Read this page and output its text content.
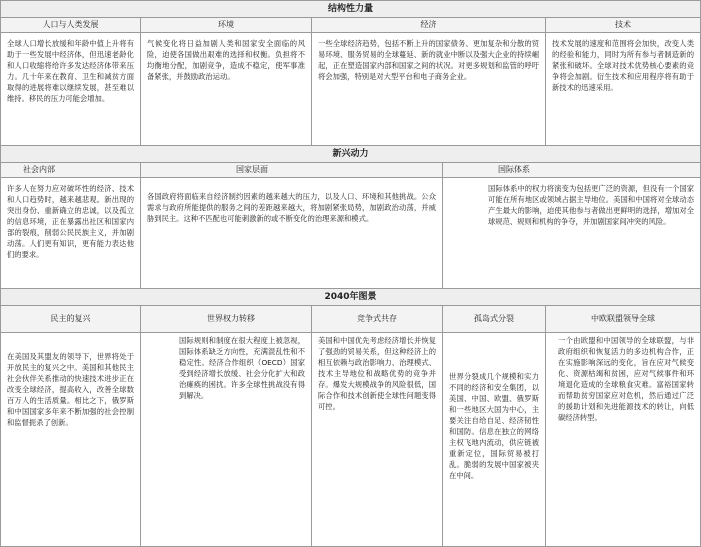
结构性力量				
人口与人类发展	环境	经济		技术
全球人口增长放缓和年龄中值上升将有助于一些发展中经济体，但迅速老龄化和人口收缩将给许多发达经济体带来压力。几十年来在教育、卫生和减贫方面取得的进展将难以继续发展，甚至难以维持。移民的压力可能会增加。	气候变化将日益加剧人类和国家安全面临的风险，迫使各国做出艰难的选择和权衡。负担将不均衡地分配，加剧竞争，造成不稳定，使军事准备紧张，并鼓励政治运动。	一些全球经济趋势，包括不断上升的国家债务、更加复杂和分散的贸易环境、服务贸易的全球蔓延、新的就业中断以及强大企业的持续崛起，正在塑造国家内部和国家之间的状况。对更多规划和监管的呼吁将会加强，特别是对大型平台和电子商务企业。		技术发展的速度和范围将会加快，改变人类的经验和能力，同时为所有参与者制造新的紧张和破坏。全球对技术优势核心要素的竞争将会加剧。衍生技术和应用程序将有助于新技术的迅速采用。
新兴动力				
社会内部	国家层面		国际体系	
许多人在努力应对破坏性的经济、技术和人口趋势时，越来越悲观。新出现的突出身份、重新确立的忠诚，以及孤立的信息环境，正在暴露出社区和国家内部的裂痕，削弱公民民族主义，并加剧动荡。人们更有知识，更有能力表达他们的要求。	各国政府将面临来自经济制约因素的越来越大的压力，以及人口、环境和其他挑战。公众需求与政府所能提供的服务之间的差距越来越大，将加剧紧张局势，加剧政治动荡，并威胁到民主。这种不匹配也可能刺激新的或不断变化的治理来源和模式。		国际体系中的权力将演变为包括更广泛的资源，但没有一个国家可能在所有地区或领域占据主导地位。美国和中国将对全球动态产生最大的影响，迫使其他参与者做出更鲜明的选择，增加对全球规范、规则和机构的争夺，并加剧国家间冲突的风险。	
2040年图景				
民主的复兴	世界权力转移	竞争式共存	孤岛式分裂	中欧联盟领导全球
在美国及其盟友的领导下，世界将处于开放民主的复兴之中。美国和其他民主社会伙伴关系推动的快速技术进步正在改变全球经济，提高收入，改善全球数百万人的生活质量。相比之下，俄罗斯和中国国家多年来不断加强的社会控制和监督扼杀了创新。	国际规则和制度在很大程度上被忽视，国际体系缺乏方向性，充满混乱性和不稳定性。经济合作组织（OECD）国家受到经济增长放缓、社会分化扩大和政治瘫痪的困扰。许多全球性挑战没有得到解决。	美国和中国优先考虑经济增长并恢复了强劲的贸易关系，但这种经济上的相互依赖与政治影响力、治理模式、技术主导地位和战略优势的竞争并存。爆发大规模战争的风险很低，国际合作和技术创新使全球性问题变得可控。	世界分裂成几个规模和实力不同的经济和安全集团，以美国、中国、欧盟、俄罗斯和一些地区大国为中心，主要关注自给自足、经济韧性和国防。信息在独立的网络主权飞地内流动，供应链被重新定位，国际贸易被打乱。脆弱的发展中国家被夹在中间。	一个由欧盟和中国领导的全球联盟，与非政府组织和恢复活力的多边机构合作，正在实施影响深远的变化，旨在应对气候变化、资源枯竭和贫困，应对气候事件和环境退化造成的全球粮食灾难。富裕国家转而帮助贫穷国家应对危机，然后通过广泛的援助计划和先进能源技术的转让，向低碳经济转型。
